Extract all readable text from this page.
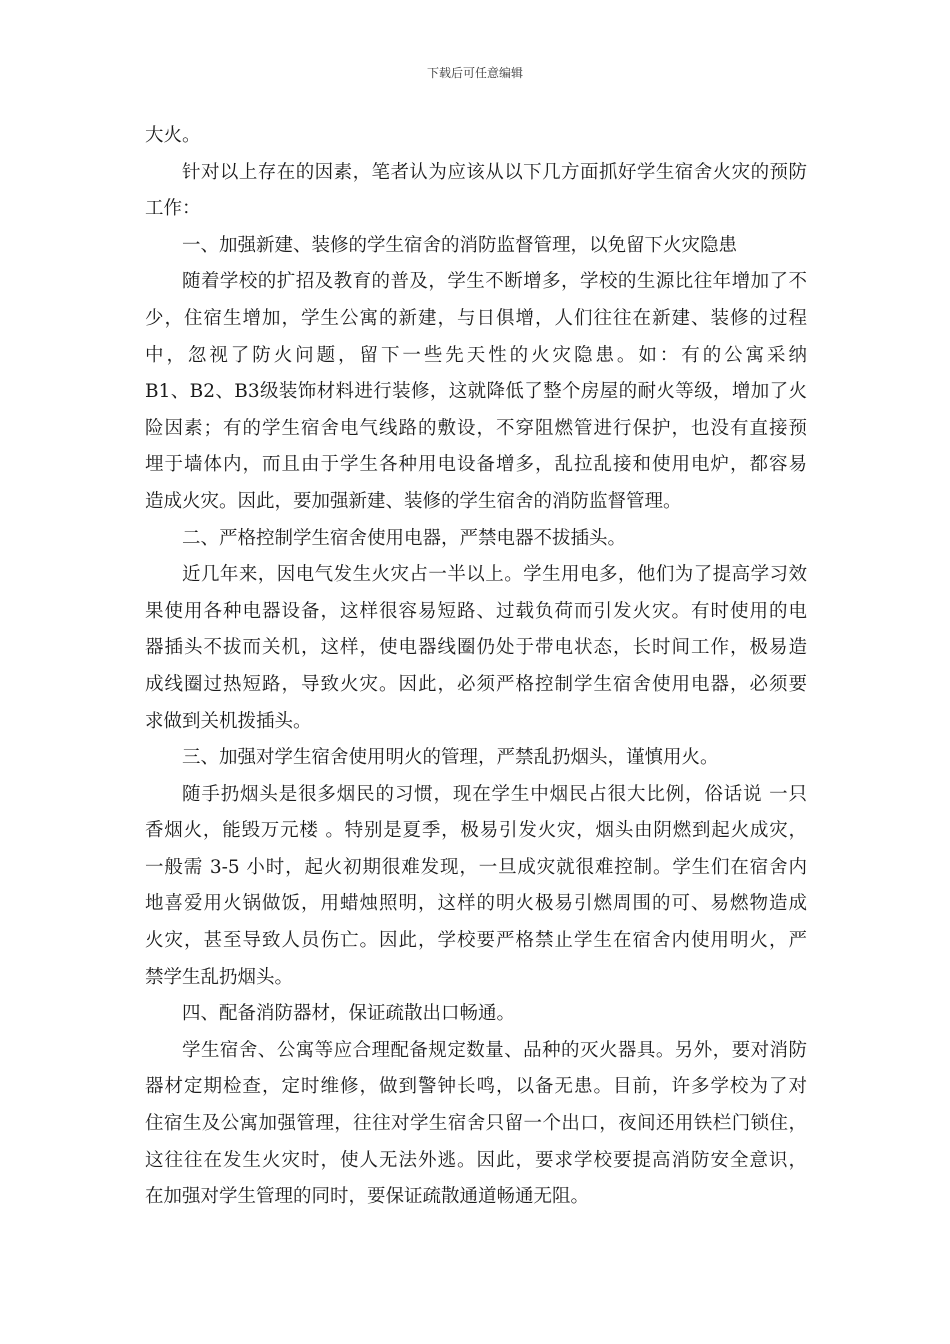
下载后可任意编辑
大火。
针对以上存在的因素，笔者认为应该从以下几方面抓好学生宿舍火灾的预防
工作：
一、加强新建、装修的学生宿舍的消防监督管理，以免留下火灾隐患
随着学校的扩招及教育的普及，学生不断增多，学校的生源比往年增加了不
少，住宿生增加，学生公寓的新建，与日俱增，人们往往在新建、装修的过程
中，忽视了防火问题，留下一些先天性的火灾隐患。如：有的公寓采纳
B1、B2、B3级装饰材料进行装修，这就降低了整个房屋的耐火等级，增加了火
险因素；有的学生宿舍电气线路的敷设，不穿阻燃管进行保护，也没有直接预
埋于墙体内，而且由于学生各种用电设备增多，乱拉乱接和使用电炉，都容易
造成火灾。因此，要加强新建、装修的学生宿舍的消防监督管理。
二、严格控制学生宿舍使用电器，严禁电器不拔插头。
近几年来，因电气发生火灾占一半以上。学生用电多，他们为了提高学习效
果使用各种电器设备，这样很容易短路、过载负荷而引发火灾。有时使用的电
器插头不拔而关机，这样，使电器线圈仍处于带电状态，长时间工作，极易造
成线圈过热短路，导致火灾。因此，必须严格控制学生宿舍使用电器，必须要
求做到关机拨插头。
三、加强对学生宿舍使用明火的管理，严禁乱扔烟头，谨慎用火。
随手扔烟头是很多烟民的习惯，现在学生中烟民占很大比例，俗话说 一只
香烟火，能毁万元楼 。特别是夏季，极易引发火灾，烟头由阴燃到起火成灾，
一般需 3-5 小时，起火初期很难发现，一旦成灾就很难控制。学生们在宿舍内
地喜爱用火锅做饭，用蜡烛照明，这样的明火极易引燃周围的可、易燃物造成
火灾，甚至导致人员伤亡。因此，学校要严格禁止学生在宿舍内使用明火，严
禁学生乱扔烟头。
四、配备消防器材，保证疏散出口畅通。
学生宿舍、公寓等应合理配备规定数量、品种的灭火器具。另外，要对消防
器材定期检查，定时维修，做到警钟长鸣，以备无患。目前，许多学校为了对
住宿生及公寓加强管理，往往对学生宿舍只留一个出口，夜间还用铁栏门锁住，
这往往在发生火灾时，使人无法外逃。因此，要求学校要提高消防安全意识，
在加强对学生管理的同时，要保证疏散通道畅通无阻。
